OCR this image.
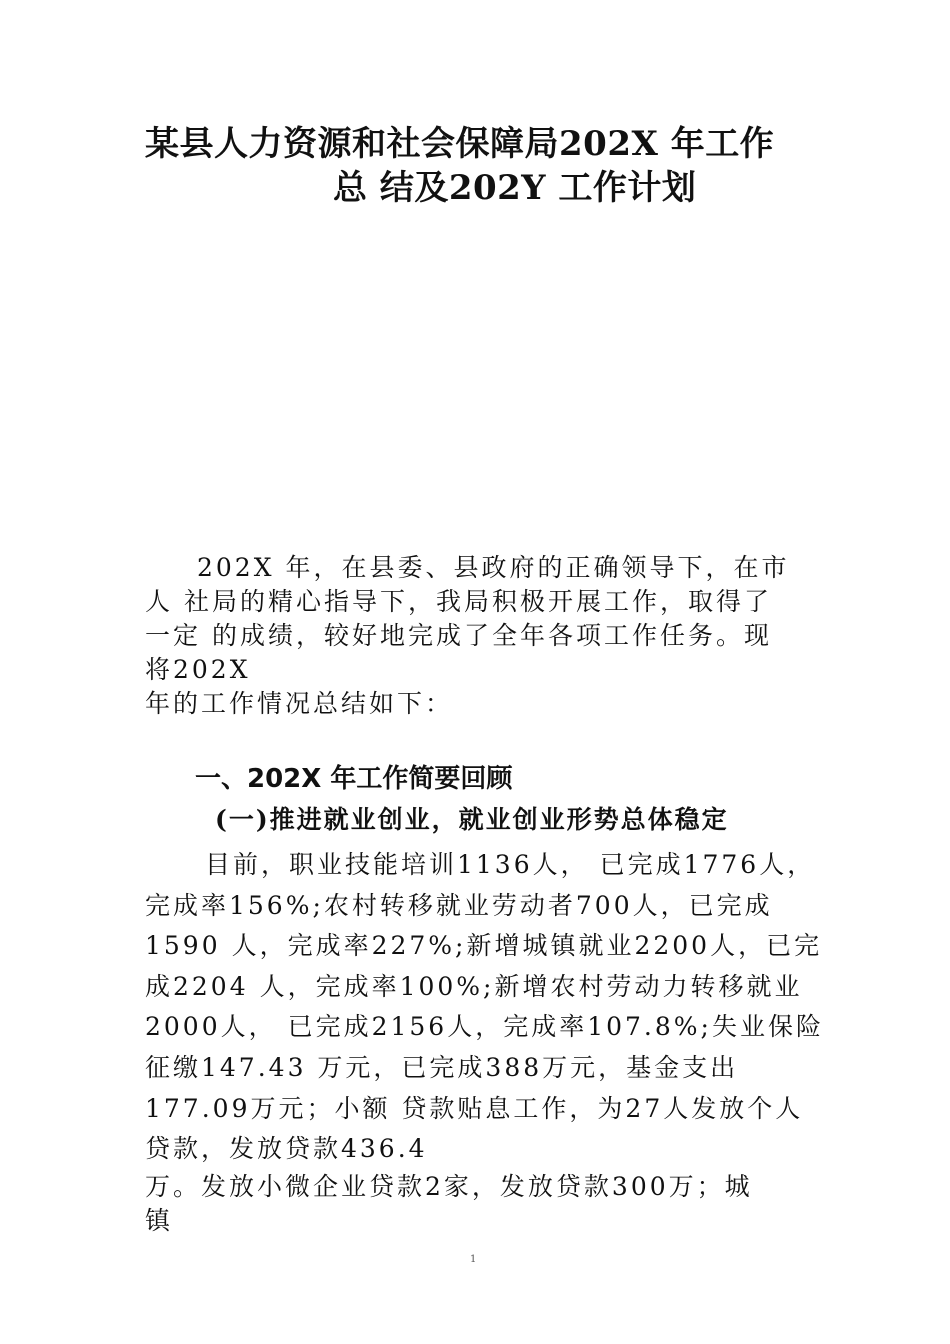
某县人力资源和社会保障局202X 年工作
总 结及202Y 工作计划
202X 年，在县委、县政府的正确领导下，在市
人 社局的精心指导下，我局积极开展工作，取得了
一定 的成绩，较好地完成了全年各项工作任务。现
将202X
年的工作情况总结如下：
一、202X 年工作简要回顾
(一)推进就业创业，就业创业形势总体稳定
目前，职业技能培训1136人， 已完成1776人，
完成率156%;农村转移就业劳动者700人，已完成
1590 人，完成率227%;新增城镇就业2200人，已完
成2204 人，完成率100%;新增农村劳动力转移就业
2000人， 已完成2156人，完成率107.8%;失业保险
征缴147.43 万元，已完成388万元，基金支出
177.09万元；小额 贷款贴息工作，为27人发放个人
贷款，发放贷款436.4
万。发放小微企业贷款2家，发放贷款300万；城
镇
1
